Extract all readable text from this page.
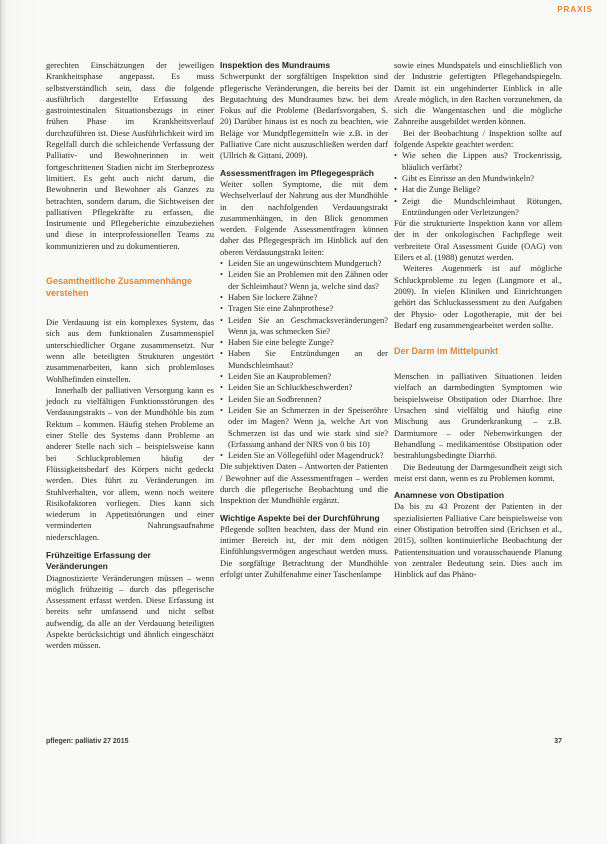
PRAXIS

gerechten Einschätzungen der jeweiligen Krankheitsphase angepasst. Es muss selbstverständlich sein, dass die folgende ausführlich dargestellte Erfassung des gastrointestinalen Situationsbezugs in einer frühen Phase im Krankheitsverlauf durchzuführen ist. Diese Ausführlichkeit wird im Regelfall durch die schleichende Verfassung der Palliativ- und Bewohnerinnen in weit fortgeschrittenen Stadien nicht im Sterbeprozess limitiert. Es geht auch nicht darum, die Bewohnerin und Bewohner als Ganzes zu betrachten, sondern darum, die Sichtweisen der palliativen Pflegekräfte zu erfassen, die Instrumente und Pflegeberichte einzubeziehen und diese in interprofessionellen Teams zu kommunizieren und zu dokumentieren.

Gesamtheitliche Zusammenhänge verstehen

Die Verdauung ist ein komplexes System, das sich aus dem funktionalen Zusammenspiel unterschiedlicher Organe zusammensetzt. Nur wenn alle beteiligten Strukturen ungestört zusammenarbeiten, kann sich problemloses Wohlbefinden einstellen.

Innerhalb der palliativen Versorgung kann es jedoch zu vielfältigen Funktionsstörungen des Verdauungstrakts – von der Mundhöhle bis zum Rektum – kommen. Häufig stehen Probleme an einer Stelle des Systems dann Probleme an anderer Stelle nach sich – beispielsweise kann bei Schluckproblemen häufig der Flüssigkeitsbedarf des Körpers nicht gedeckt werden. Dies führt zu Veränderungen im Stuhlverhalten, vor allem, wenn noch weitere Risikofaktoren vorliegen. Dies kann sich wiederum in Appetitstörungen und einer verminderten Nahrungsaufnahme niederschlagen.

Frühzeitige Erfassung der Veränderungen

Diagnostizierte Veränderungen müssen – wenn möglich frühzeitig – durch das pflegerische Assessment erfasst werden. Diese Erfassung ist bereits sehr umfassend und nicht selbst aufwendig, da alle an der Verdauung beteiligten Aspekte berücksichtigt und ähnlich eingeschätzt werden müssen.

Inspektion des Mundraums

Schwerpunkt der sorgfältigen Inspektion sind pflegerische Veränderungen, die bereits bei der Begutachtung des Mundraumes bzw. bei dem Fokus auf die Probleme (Bedarfsvorgaben, S. 20) Darüber hinaus ist es noch zu beachten, wie Beläge vor Mundpflegemitteln wie z.B. in der Palliative Care nicht auszuschließen werden darf (Ullrich & Gittani, 2009).

Assessmentfragen im Pflegegespräch

Weiter sollen Symptome, die mit dem Wechselverlauf der Nahrung aus der Mundhöhle in den nachfolgenden Verdauungstrakt zusammenhängen, in den Blick genommen werden. Folgende Assessmentfragen können daher das Pflegegespräch im Hinblick auf den oberen Verdauungstrakt leiten:

• Leiden Sie an ungewünschtem Mundgeruch?
• Leiden Sie an Problemen mit den Zähnen oder der Schleimhaut? Wenn ja, welche sind das?
• Haben Sie lockere Zähne?
• Tragen Sie eine Zahnprothese?
• Leiden Sie an Geschmacksveränderungen? Wenn ja, was schmecken Sie?
• Haben Sie eine belegte Zunge?
• Haben Sie Entzündungen an der Mundschleimhaut?
• Leiden Sie an Kauproblemen?
• Leiden Sie an Schluckbeschwerden?
• Leiden Sie an Sodbrennen?
• Leiden Sie an Schmerzen in der Speiseröhre oder im Magen? Wenn ja, welche Art von Schmerzen ist das und wie stark sind sie? (Erfassung anhand der NRS von 0 bis 10)
• Leiden Sie an Völlegefühl oder Magendruck?

Die subjektiven Daten – Antworten der Patienten / Bewohner auf die Assessmentfragen – werden durch die pflegerische Beobachtung und die Inspektion der Mundhöhle ergänzt.

Wichtige Aspekte bei der Durchführung

Pflegende sollten beachten, dass der Mund ein intimer Bereich ist, der mit dem nötigen Einfühlungsvermögen angeschaut werden muss. Die sorgfältige Betrachtung der Mundhöhle erfolgt unter Zuhilfenahme einer Taschenlampe

sowie eines Mundspatels und einschließlich von der Industrie gefertigten Pflegehandspiegeln. Damit ist ein ungehinderter Einblick in alle Areale möglich, in den Rachen vorzunehmen, da sich die Wangentaschen und die mögliche Zahnreihe ausgebildet werden können.

Bei der Beobachtung / Inspektion sollte auf folgende Aspekte geachtet werden:

• Wie sehen die Lippen aus? Trockenrissig, bläulich verfärbt?
• Gibt es Einrisse an den Mundwinkeln?
• Hat die Zunge Beläge?
• Zeigt die Mundschleimhaut Rötungen, Entzündungen oder Verletzungen?

Für die strukturierte Inspektion kann vor allem der in der onkologischen Fachpflege weit verbreitete Oral Assessment Guide (OAG) von Eilers et al. (1988) genutzt werden.

Weiteres Augenmerk ist auf mögliche Schluckprobleme zu legen (Langmore et al., 2009). In vielen Kliniken und Einrichtungen gehört das Schluckassessment zu den Aufgaben der Physio- oder Logotherapie, mit der bei Bedarf eng zusammengearbeitet werden sollte.

Der Darm im Mittelpunkt

Menschen in palliativen Situationen leiden vielfach an darmbedingten Symptomen wie beispielsweise Obstipation oder Diarrhoe. Ihre Ursachen sind vielfältig und häufig eine Mischung aus Grunderkrankung – z.B. Darmtumore – oder Nebenwirkungen der Behandlung – medikamentöse Obstipation oder bestrahlungsbedingte Diarrhö.

Die Bedeutung der Darmgesundheit zeigt sich meist erst dann, wenn es zu Problemen kommt.

Anamnese von Obstipation

Da bis zu 43 Prozent der Patienten in der spezialisierten Palliative Care beispielsweise von einer Obstipation betroffen sind (Erichsen et al., 2015), sollten kontinuierliche Beobachtung der Patientensituation und vorausschauende Planung von zentraler Bedeutung sein. Dies auch im Hinblick auf das Phäno-

pflegen: palliativ 27 2015	37
